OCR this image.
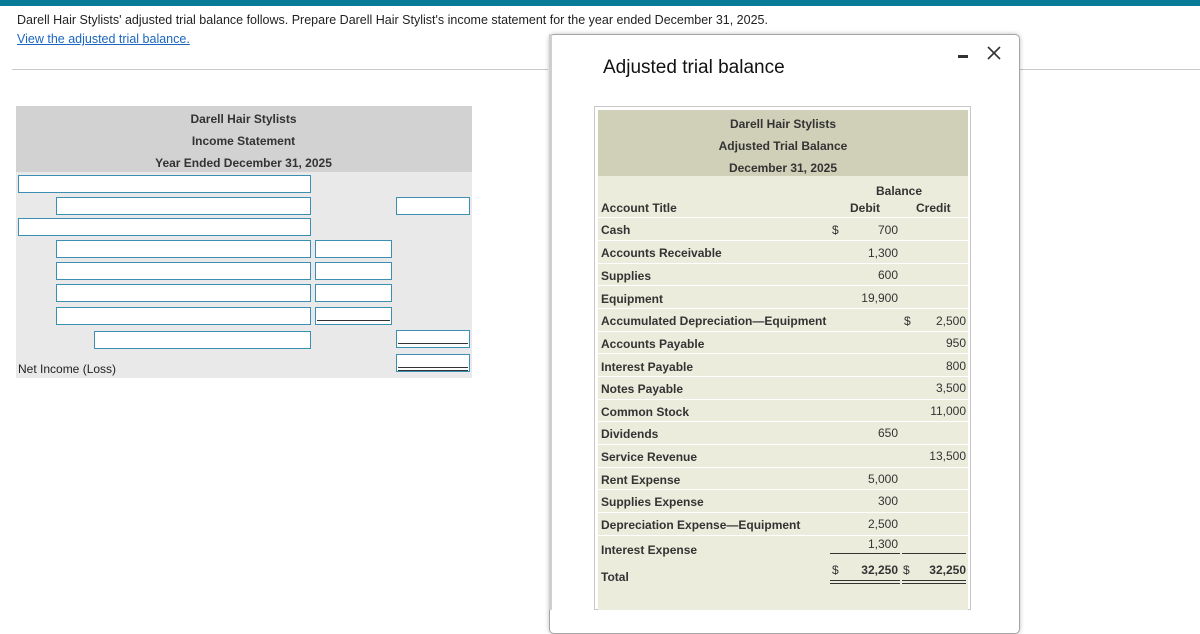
Darell Hair Stylists' adjusted trial balance follows. Prepare Darell Hair Stylist's income statement for the year ended December 31, 2025.
View the adjusted trial balance.
Darell Hair Stylists
Income Statement
Year Ended December 31, 2025
Net Income (Loss)
Adjusted trial balance
Darell Hair Stylists
Adjusted Trial Balance
December 31, 2025
Balance
Account Title	Debit	Credit
Cash
Accounts Receivable
Supplies
Equipment
Accumulated Depreciation—Equipment
Accounts Payable
Interest Payable
Notes Payable
Common Stock
Dividends
Service Revenue
Rent Expense
Supplies Expense
Depreciation Expense—Equipment
Interest Expense
Total
700
1,300
600
19,900
650
5,000
300
2,500
1,300
2,500
950
800
3,500
11,000
13,500
$
$
$ 32,250 $ 32,250
